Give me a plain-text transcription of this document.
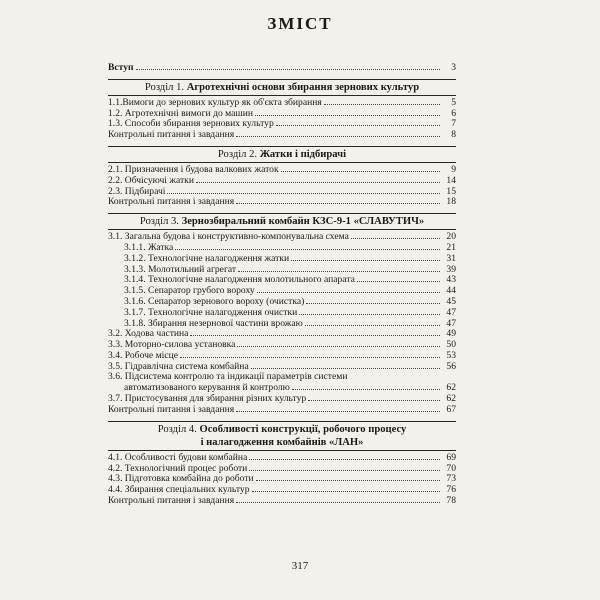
ЗМІСТ
Вступ	3
Розділ 1. Агротехнічні основи збирання зернових культур
1.1.Вимоги до зернових культур як об'єкта збирання	5
1.2. Агротехнічні вимоги до машин	6
1.3. Способи збирання зернових культур	7
Контрольні питання і завдання	8
Розділ 2. Жатки і підбирачі
2.1. Призначення і будова валкових жаток	9
2.2. Обчісуючі жатки	14
2.3. Підбирачі	15
Контрольні питання і завдання	18
Розділ 3. Зернозбиральний комбайн КЗС-9-1 «СЛАВУТИЧ»
3.1. Загальна будова і конструктивно-компонувальна схема	20
3.1.1. Жатка	21
3.1.2. Технологічне налагодження жатки	31
3.1.3. Молотильний агрегат	39
3.1.4. Технологічне налагодження молотильного апарата	43
3.1.5. Сепаратор грубого вороху	44
3.1.6. Сепаратор зернового вороху (очистка)	45
3.1.7. Технологічне налагодження очистки	47
3.1.8. Збирання незернової частини врожаю	47
3.2. Ходова частина	49
3.3. Моторно-силова установка	50
3.4. Робоче місце	53
3.5. Гідравлічна система комбайна	56
3.6. Підсистема контролю та індикації параметрів системи
автоматизованого керування й контролю	62
3.7. Пристосування для збирання різних культур	62
Контрольні питання і завдання	67
Розділ 4. Особливості конструкції, робочого процесу
і налагодження комбайнів «ЛАН»
4.1. Особливості будови комбайна	69
4.2. Технологічний процес роботи	70
4.3. Підготовка комбайна до роботи	73
4.4. Збирання спеціальних культур	76
Контрольні питання і завдання	78
317
